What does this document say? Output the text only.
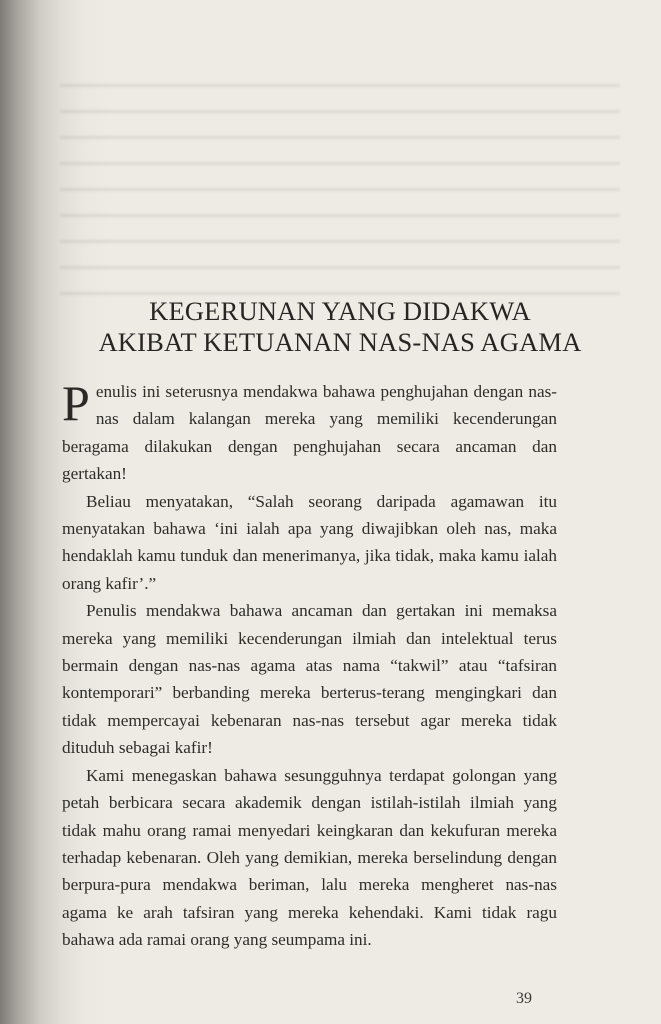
KEGERUNAN YANG DIDAKWA
AKIBAT KETUANAN NAS-NAS AGAMA

Penulis ini seterusnya mendakwa bahawa penghujahan dengan nas-nas dalam kalangan mereka yang memiliki kecenderungan beragama dilakukan dengan penghujahan secara ancaman dan gertakan!

Beliau menyatakan, “Salah seorang daripada agamawan itu menyatakan bahawa ‘ini ialah apa yang diwajibkan oleh nas, maka hendaklah kamu tunduk dan menerimanya, jika tidak, maka kamu ialah orang kafir’.”

Penulis mendakwa bahawa ancaman dan gertakan ini memaksa mereka yang memiliki kecenderungan ilmiah dan intelektual terus bermain dengan nas-nas agama atas nama “takwil” atau “tafsiran kontemporari” berbanding mereka berterus-terang mengingkari dan tidak mempercayai kebenaran nas-nas tersebut agar mereka tidak dituduh sebagai kafir!

Kami menegaskan bahawa sesungguhnya terdapat golongan yang petah berbicara secara akademik dengan istilah-istilah ilmiah yang tidak mahu orang ramai menyedari keingkaran dan kekufuran mereka terhadap kebenaran. Oleh yang demikian, mereka berselindung dengan berpura-pura mendakwa beriman, lalu mereka mengheret nas-nas agama ke arah tafsiran yang mereka kehendaki. Kami tidak ragu bahawa ada ramai orang yang seumpama ini.

39
